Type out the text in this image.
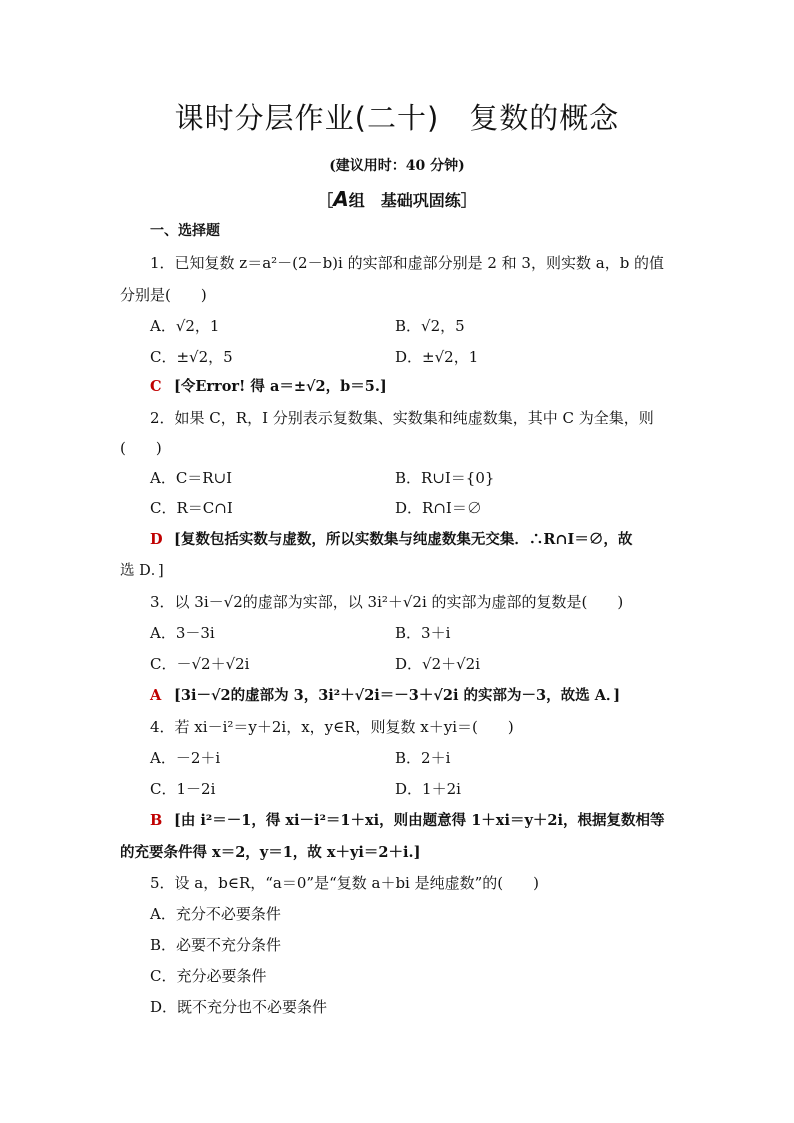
课时分层作业(二十)　复数的概念
(建议用时：40 分钟)
［A组　基础巩固练］
一、选择题
1．已知复数 z＝a²－(2－b)i 的实部和虚部分别是 2 和 3，则实数 a，b 的值
分别是(　　)
A．√2，1	B．√2，5
C．±√2，5	D．±√2，1
C [令Error! 得 a＝±√2，b＝5.]
2．如果 C，R，I 分别表示复数集、实数集和纯虚数集，其中 C 为全集，则
(　　)
A．C＝R∪I	B．R∪I＝{0}
C．R＝C∩I	D．R∩I＝∅
D [复数包括实数与虚数，所以实数集与纯虚数集无交集．∴R∩I＝∅，故
选 D．]
3．以 3i－√2的虚部为实部，以 3i²＋√2i 的实部为虚部的复数是(　　)
A．3－3i	B．3＋i
C．－√2＋√2i	D．√2＋√2i
A [3i－√2的虚部为 3，3i²＋√2i＝－3＋√2i 的实部为－3，故选 A．]
4．若 xi－i²＝y＋2i，x，y∈R，则复数 x＋yi＝(　　)
A．－2＋i	B．2＋i
C．1－2i	D．1＋2i
B [由 i²＝－1，得 xi－i²＝1＋xi，则由题意得 1＋xi＝y＋2i，根据复数相等
的充要条件得 x＝2，y＝1，故 x＋yi＝2＋i.]
5．设 a，b∈R，“a＝0”是“复数 a＋bi 是纯虚数”的(　　)
A．充分不必要条件
B．必要不充分条件
C．充分必要条件
D．既不充分也不必要条件
